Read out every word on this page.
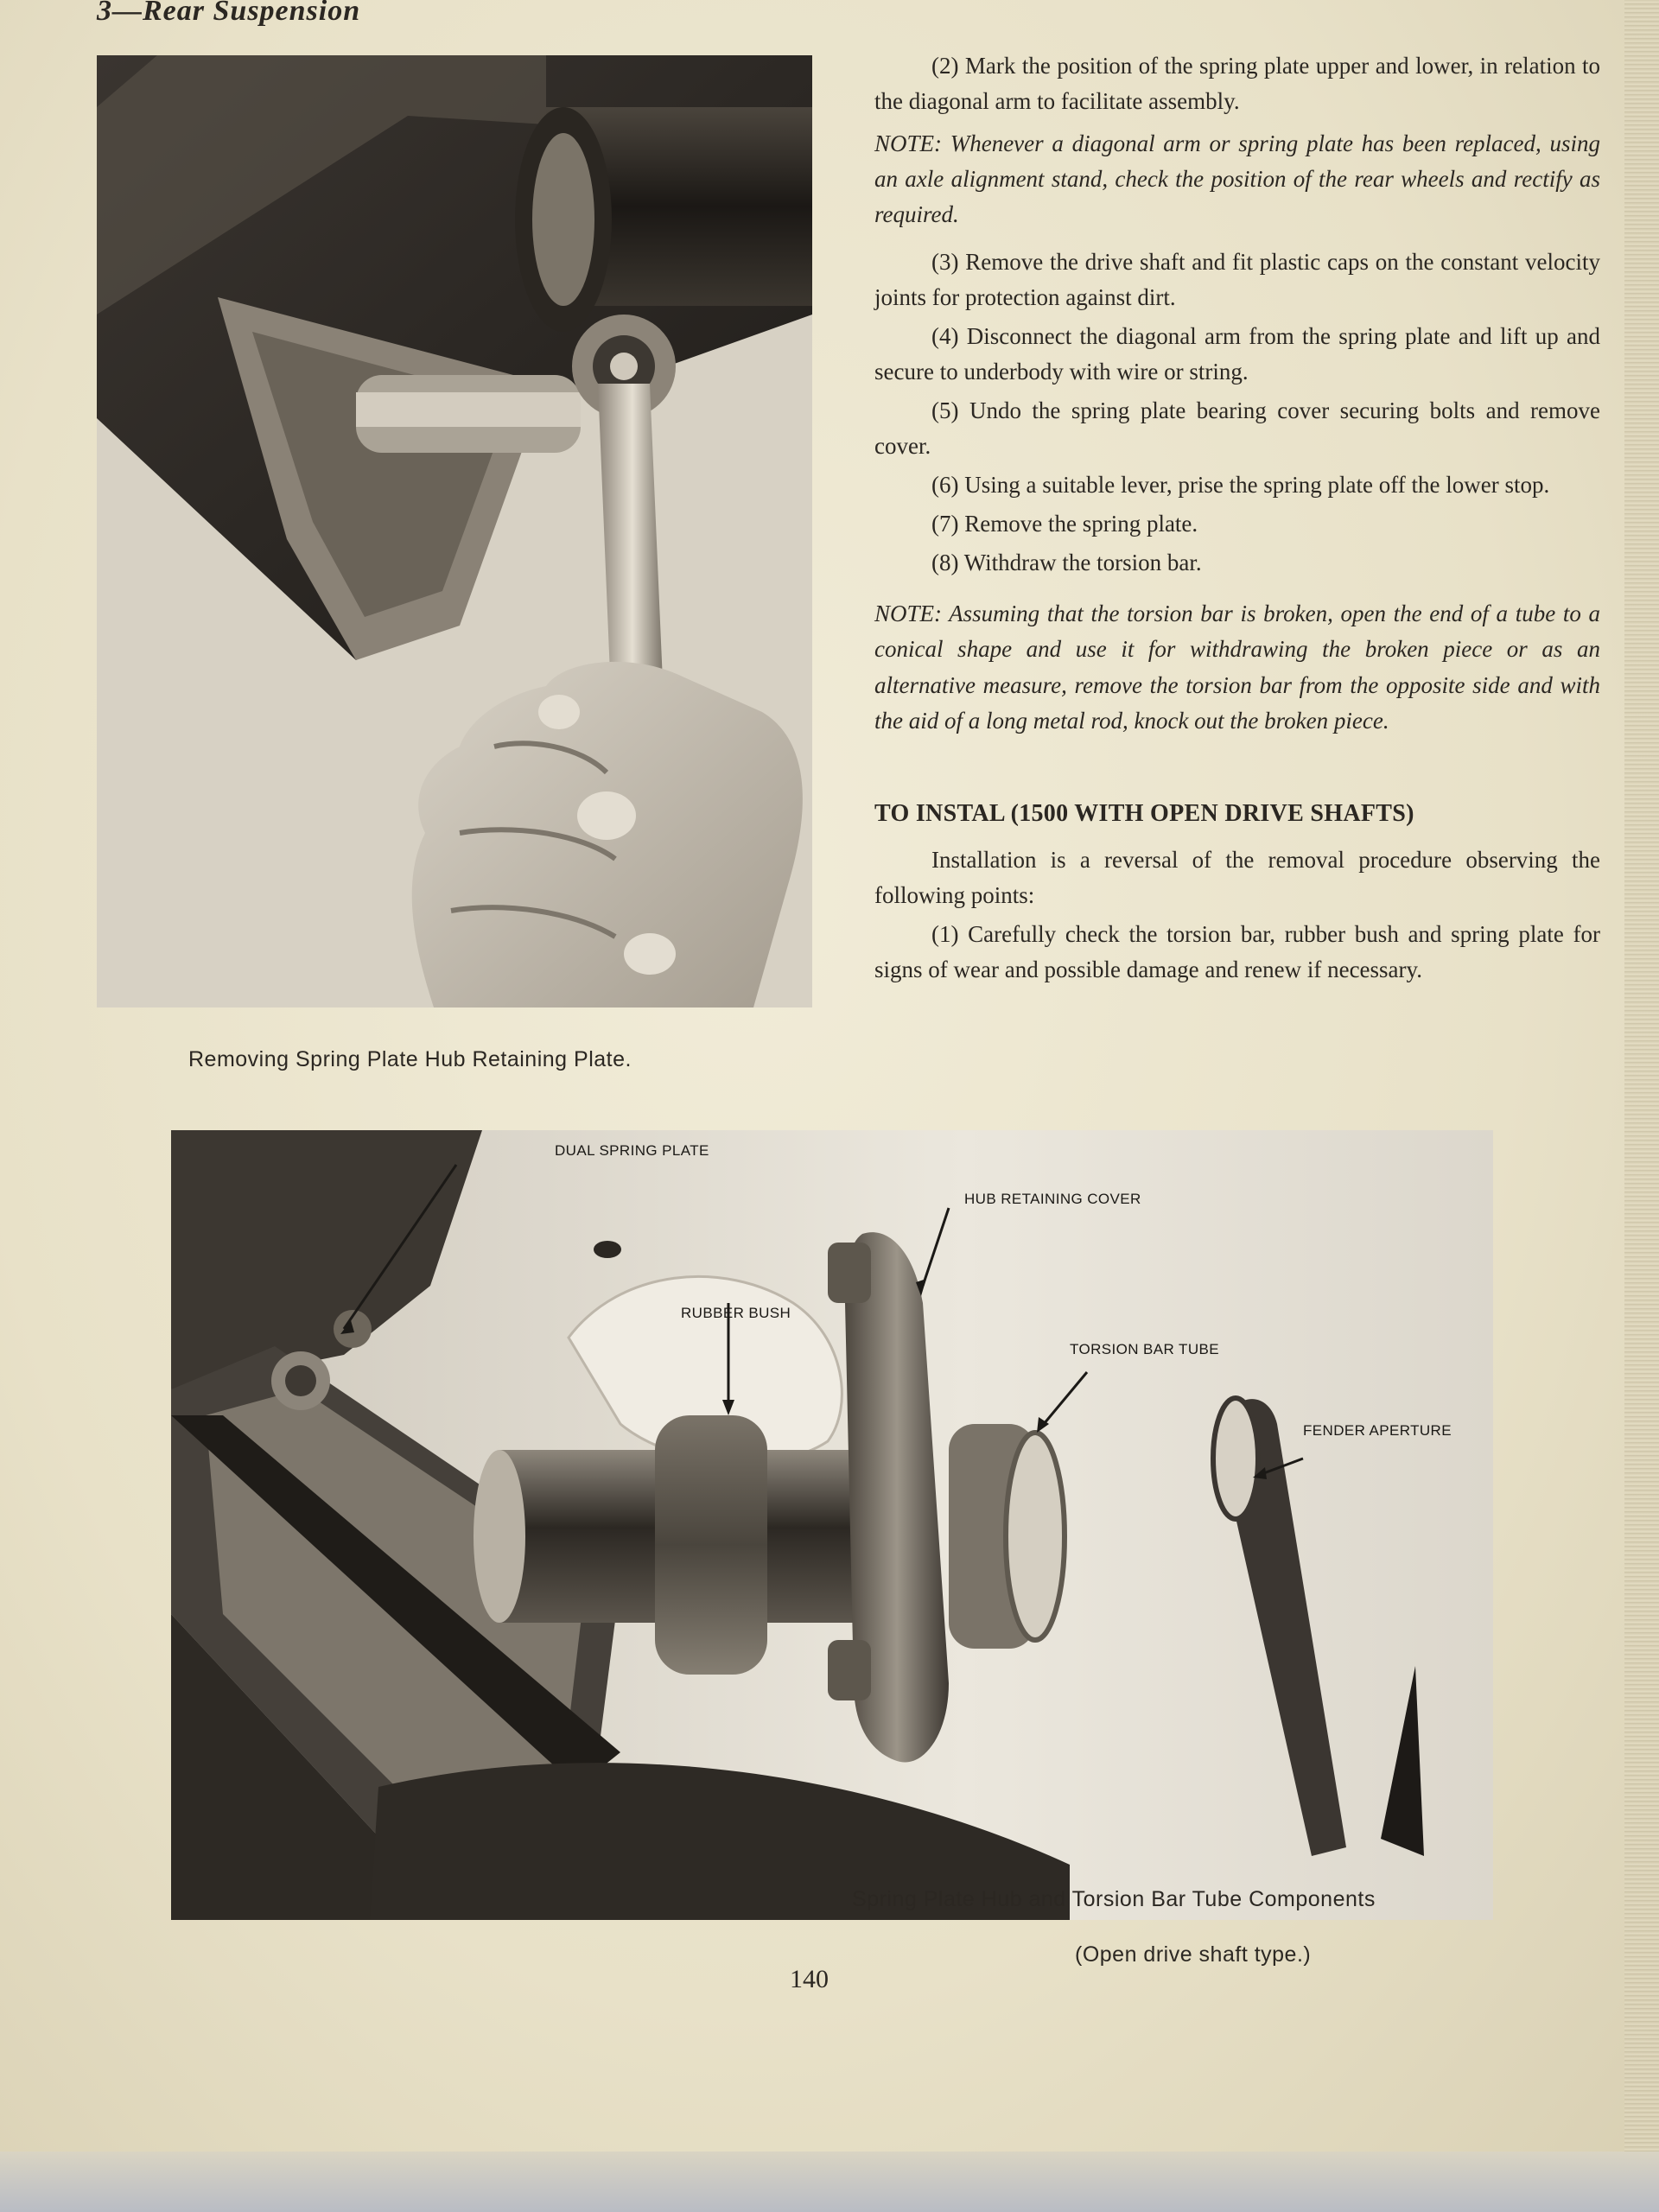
3—Rear Suspension

Removing Spring Plate Hub Retaining Plate.

(2) Mark the position of the spring plate upper and lower, in relation to the diagonal arm to facilitate assembly.

NOTE: Whenever a diagonal arm or spring plate has been replaced, using an axle alignment stand, check the position of the rear wheels and rectify as required.

(3) Remove the drive shaft and fit plastic caps on the constant velocity joints for protection against dirt.

(4) Disconnect the diagonal arm from the spring plate and lift up and secure to underbody with wire or string.

(5) Undo the spring plate bearing cover securing bolts and remove cover.

(6) Using a suitable lever, prise the spring plate off the lower stop.

(7) Remove the spring plate.

(8) Withdraw the torsion bar.

NOTE: Assuming that the torsion bar is broken, open the end of a tube to a conical shape and use it for withdrawing the broken piece or as an alternative measure, remove the torsion bar from the opposite side and with the aid of a long metal rod, knock out the broken piece.

TO INSTAL (1500 WITH OPEN DRIVE SHAFTS)

Installation is a reversal of the removal procedure observing the following points:

(1) Carefully check the torsion bar, rubber bush and spring plate for signs of wear and possible damage and renew if necessary.

DUAL SPRING PLATE

HUB RETAINING COVER

RUBBER BUSH

TORSION BAR TUBE

FENDER APERTURE

Spring Plate Hub and Torsion Bar Tube Components

(Open drive shaft type.)

140
